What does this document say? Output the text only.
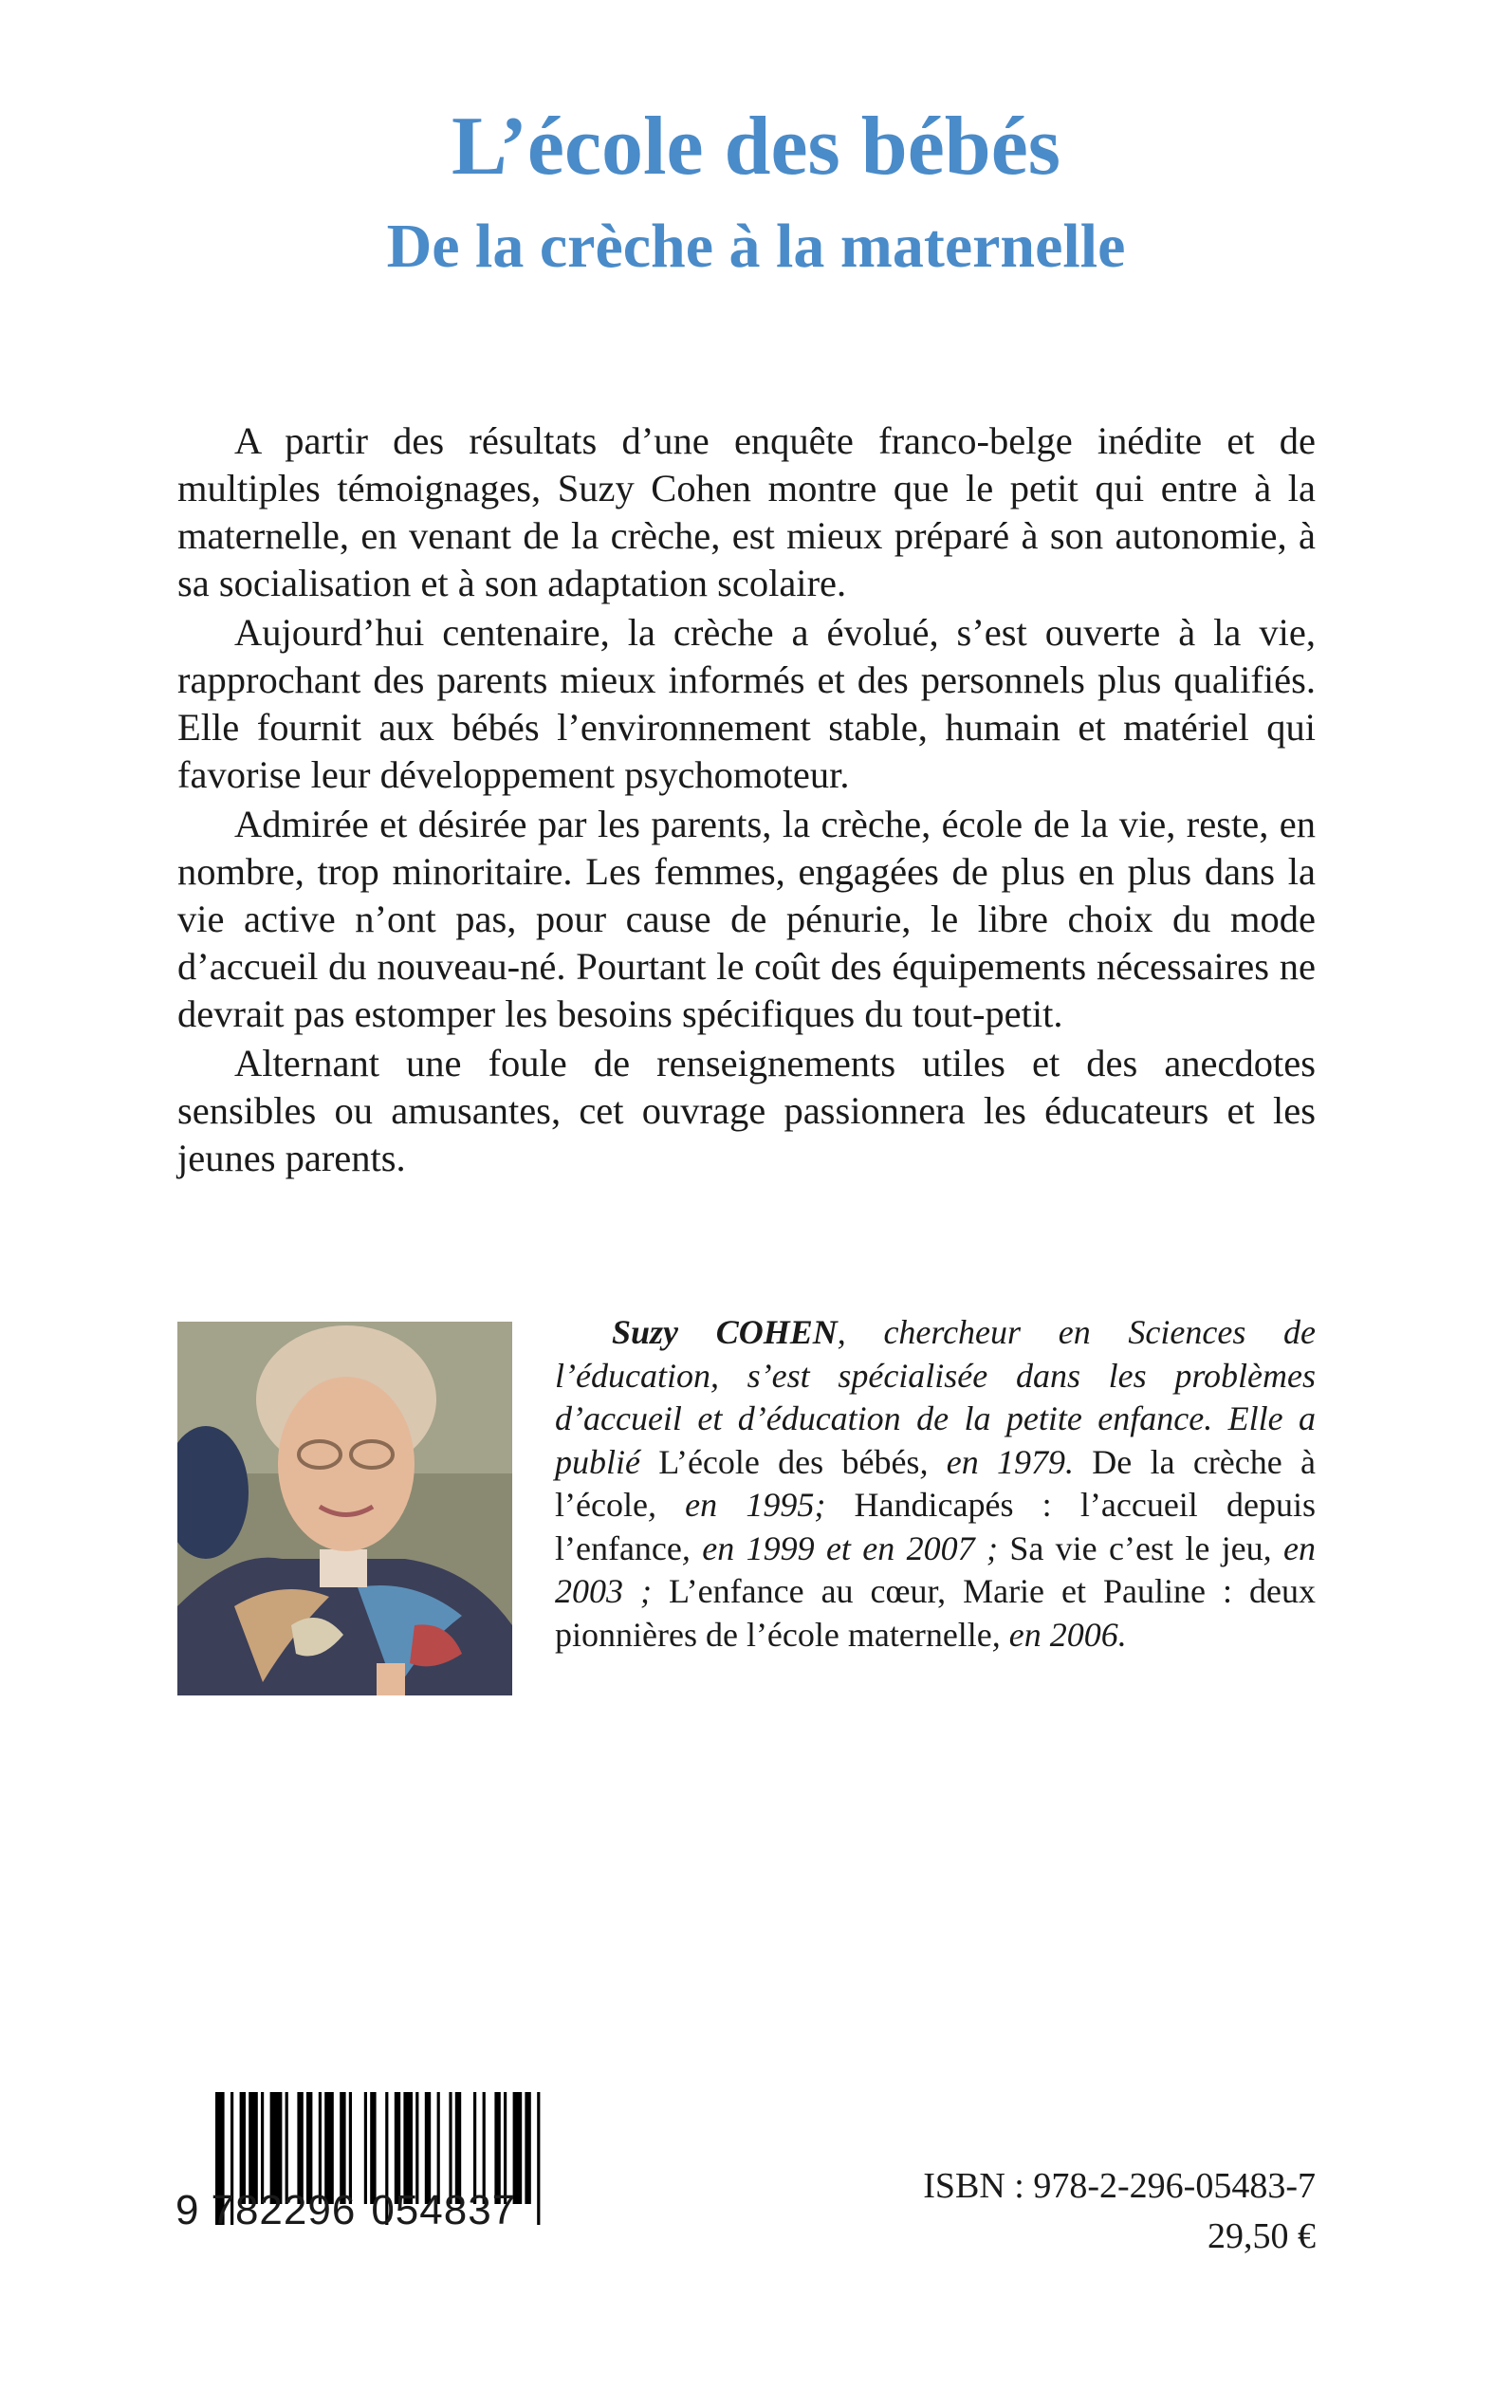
L’école des bébés
De la crèche à la maternelle

A partir des résultats d’une enquête franco-belge inédite et de multiples témoignages, Suzy Cohen montre que le petit qui entre à la maternelle, en venant de la crèche, est mieux préparé à son autonomie, à sa socialisation et à son adaptation scolaire.

Aujourd’hui centenaire, la crèche a évolué, s’est ouverte à la vie, rapprochant des parents mieux informés et des personnels plus qualifiés. Elle fournit aux bébés l’environnement stable, humain et matériel qui favorise leur développement psychomoteur.

Admirée et désirée par les parents, la crèche, école de la vie, reste, en nombre, trop minoritaire. Les femmes, engagées de plus en plus dans la vie active n’ont pas, pour cause de pénurie, le libre choix du mode d’accueil du nouveau-né. Pourtant le coût des équipements nécessaires ne devrait pas estomper les besoins spécifiques du tout-petit.

Alternant une foule de renseignements utiles et des anecdotes sensibles ou amusantes, cet ouvrage passionnera les éducateurs et les jeunes parents.

Suzy COHEN, chercheur en Sciences de l’éducation, s’est spécialisée dans les problèmes d’accueil et d’éducation de la petite enfance. Elle a publié L’école des bébés, en 1979. De la crèche à l’école, en 1995; Handicapés : l’accueil depuis l’enfance, en 1999 et en 2007 ; Sa vie c’est le jeu, en 2003 ; L’enfance au cœur, Marie et Pauline : deux pionnières de l’école maternelle, en 2006.
9 782296 054837
ISBN : 978-2-296-05483-7
29,50 €
